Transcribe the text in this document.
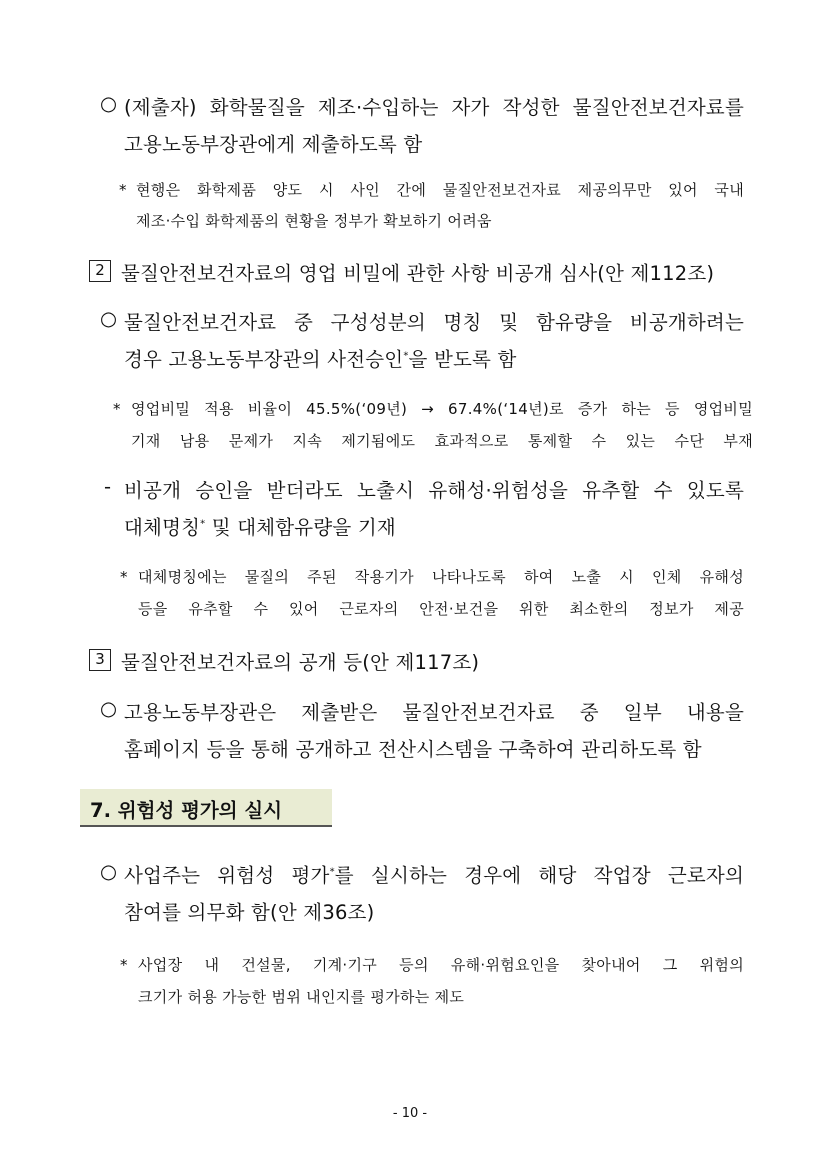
○ (제출자) 화학물질을 제조·수입하는 자가 작성한 물질안전보건자료를
고용노동부장관에게 제출하도록 함
* 현행은 화학제품 양도 시 사인 간에 물질안전보건자료 제공의무만 있어 국내
제조·수입 화학제품의 현황을 정부가 확보하기 어려움
2 물질안전보건자료의 영업 비밀에 관한 사항 비공개 심사(안 제112조)
○ 물질안전보건자료 중 구성성분의 명칭 및 함유량을 비공개하려는
경우 고용노동부장관의 사전승인*을 받도록 함
* 영업비밀 적용 비율이 45.5%(‘09년) → 67.4%(‘14년)로 증가 하는 등 영업비밀
기재 남용 문제가 지속 제기됨에도 효과적으로 통제할 수 있는 수단 부재
- 비공개 승인을 받더라도 노출시 유해성·위험성을 유추할 수 있도록
대체명칭* 및 대체함유량을 기재
* 대체명칭에는 물질의 주된 작용기가 나타나도록 하여 노출 시 인체 유해성
등을 유추할 수 있어 근로자의 안전·보건을 위한 최소한의 정보가 제공
3 물질안전보건자료의 공개 등(안 제117조)
○ 고용노동부장관은 제출받은 물질안전보건자료 중 일부 내용을
홈페이지 등을 통해 공개하고 전산시스템을 구축하여 관리하도록 함
7. 위험성 평가의 실시
○ 사업주는 위험성 평가*를 실시하는 경우에 해당 작업장 근로자의
참여를 의무화 함(안 제36조)
* 사업장 내 건설물, 기계·기구 등의 유해·위험요인을 찾아내어 그 위험의
크기가 허용 가능한 범위 내인지를 평가하는 제도
- 10 -
